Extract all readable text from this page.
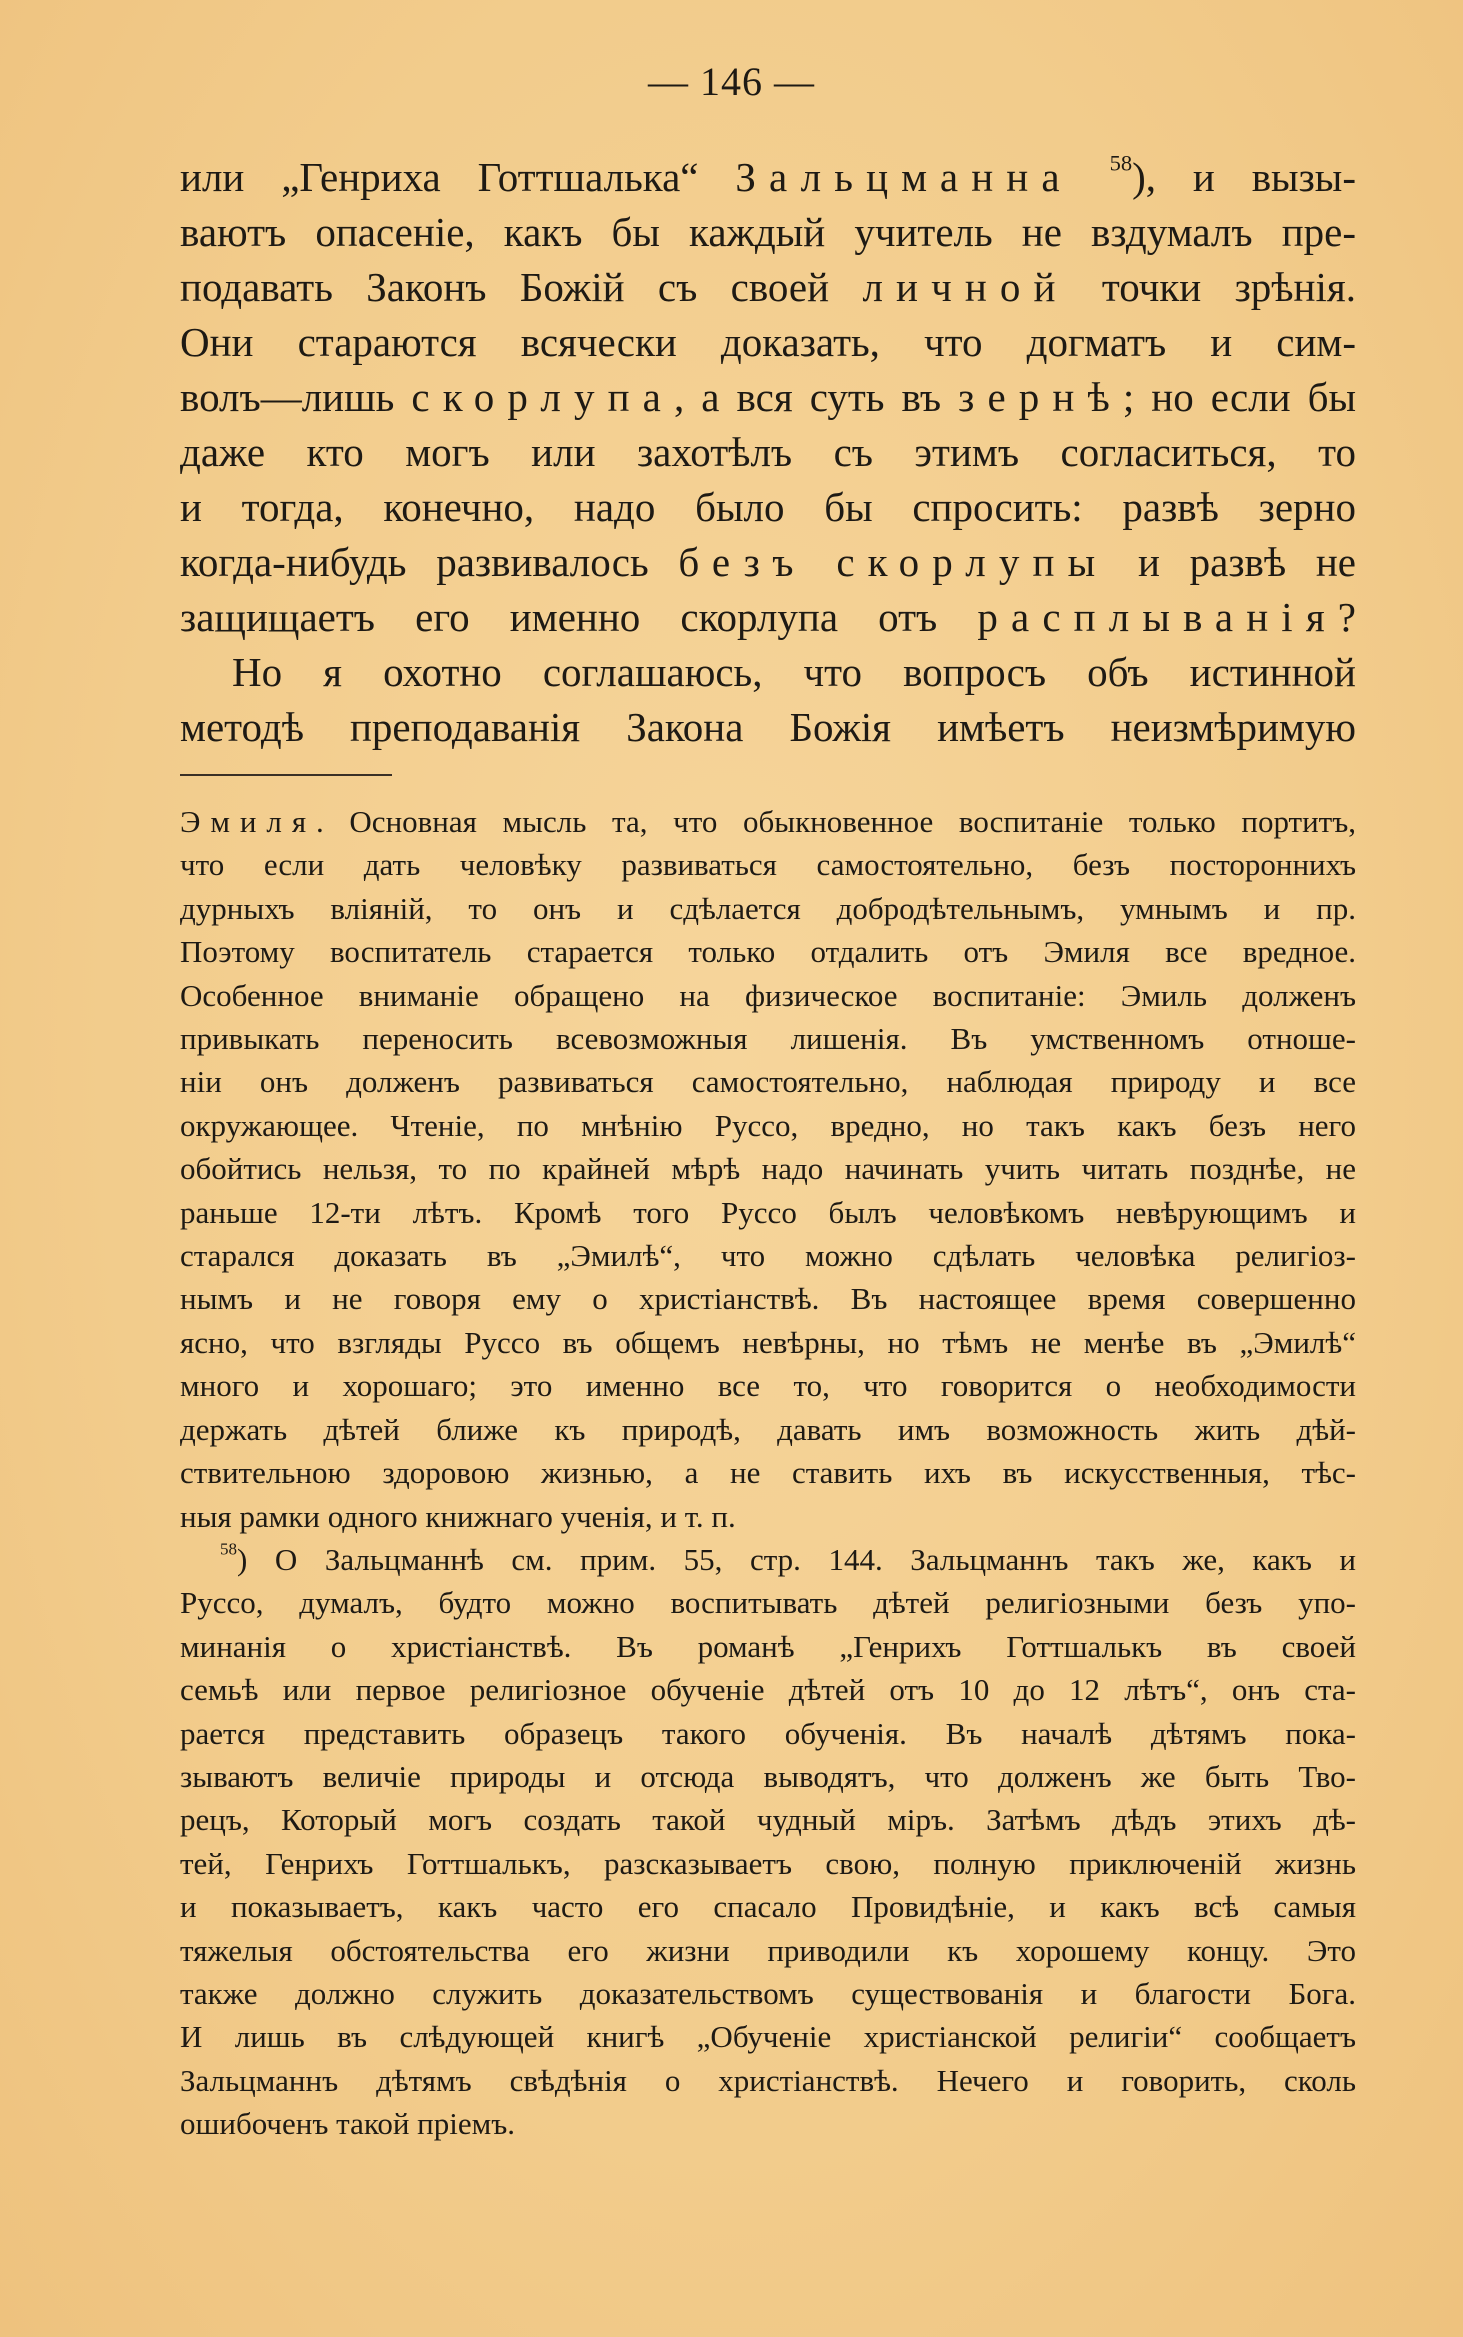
— 146 —

или „Генриха Готтшалька“ Зальцманна $^{58}$), и вызы-

ваютъ опасеніе, какъ бы каждый учитель не вздумалъ пре-

подавать Законъ Божій съ своей личной точки зрѣнія.

Они стараются всячески доказать, что догматъ и сим-

волъ—лишь скорлупа, а вся суть въ зернѣ; но если бы

даже кто могъ или захотѣлъ съ этимъ согласиться, то

и тогда, конечно, надо было бы спросить: развѣ зерно

когда-нибудь развивалось безъ скорлупы и развѣ не

защищаетъ его именно скорлупа отъ расплыванія?

Но я охотно соглашаюсь, что вопросъ объ истинной

методѣ преподаванія Закона Божія имѣетъ неизмѣримую

Эмиля. Основная мысль та, что обыкновенное воспитаніе только портитъ,

что если дать человѣку развиваться самостоятельно, безъ постороннихъ

дурныхъ вліяній, то онъ и сдѣлается добродѣтельнымъ, умнымъ и пр.

Поэтому воспитатель старается только отдалить отъ Эмиля все вредное.

Особенное вниманіе обращено на физическое воспитаніе: Эмиль долженъ

привыкать переносить всевозможныя лишенія. Въ умственномъ отноше-

ніи онъ долженъ развиваться самостоятельно, наблюдая природу и все

окружающее. Чтеніе, по мнѣнію Руссо, вредно, но такъ какъ безъ него

обойтись нельзя, то по крайней мѣрѣ надо начинать учить читать позднѣе, не

раньше 12-ти лѣтъ. Кромѣ того Руссо былъ человѣкомъ невѣрующимъ и

старался доказать въ „Эмилѣ“, что можно сдѣлать человѣка религіоз-

нымъ и не говоря ему о христіанствѣ. Въ настоящее время совершенно

ясно, что взгляды Руссо въ общемъ невѣрны, но тѣмъ не менѣе въ „Эмилѣ“

много и хорошаго; это именно все то, что говорится о необходимости

держать дѣтей ближе къ природѣ, давать имъ возможность жить дѣй-

ствительною здоровою жизнью, а не ставить ихъ въ искусственныя, тѣс-

ныя рамки одного книжнаго ученія, и т. п.

$^{58}$) О Зальцманнѣ см. прим. 55, стр. 144. Зальцманнъ такъ же, какъ и

Руссо, думалъ, будто можно воспитывать дѣтей религіозными безъ упо-

минанія о христіанствѣ. Въ романѣ „Генрихъ Готтшалькъ въ своей

семьѣ или первое религіозное обученіе дѣтей отъ 10 до 12 лѣтъ“, онъ ста-

рается представить образецъ такого обученія. Въ началѣ дѣтямъ пока-

зываютъ величіе природы и отсюда выводятъ, что долженъ же быть Тво-

рецъ, Который могъ создать такой чудный міръ. Затѣмъ дѣдъ этихъ дѣ-

тей, Генрихъ Готтшалькъ, разсказываетъ свою, полную приключеній жизнь

и показываетъ, какъ часто его спасало Провидѣніе, и какъ всѣ самыя

тяжелыя обстоятельства его жизни приводили къ хорошему концу. Это

также должно служить доказательствомъ существованія и благости Бога.

И лишь въ слѣдующей книгѣ „Обученіе христіанской религіи“ сообщаетъ

Зальцманнъ дѣтямъ свѣдѣнія о христіанствѣ. Нечего и говорить, сколь

ошибоченъ такой пріемъ.
